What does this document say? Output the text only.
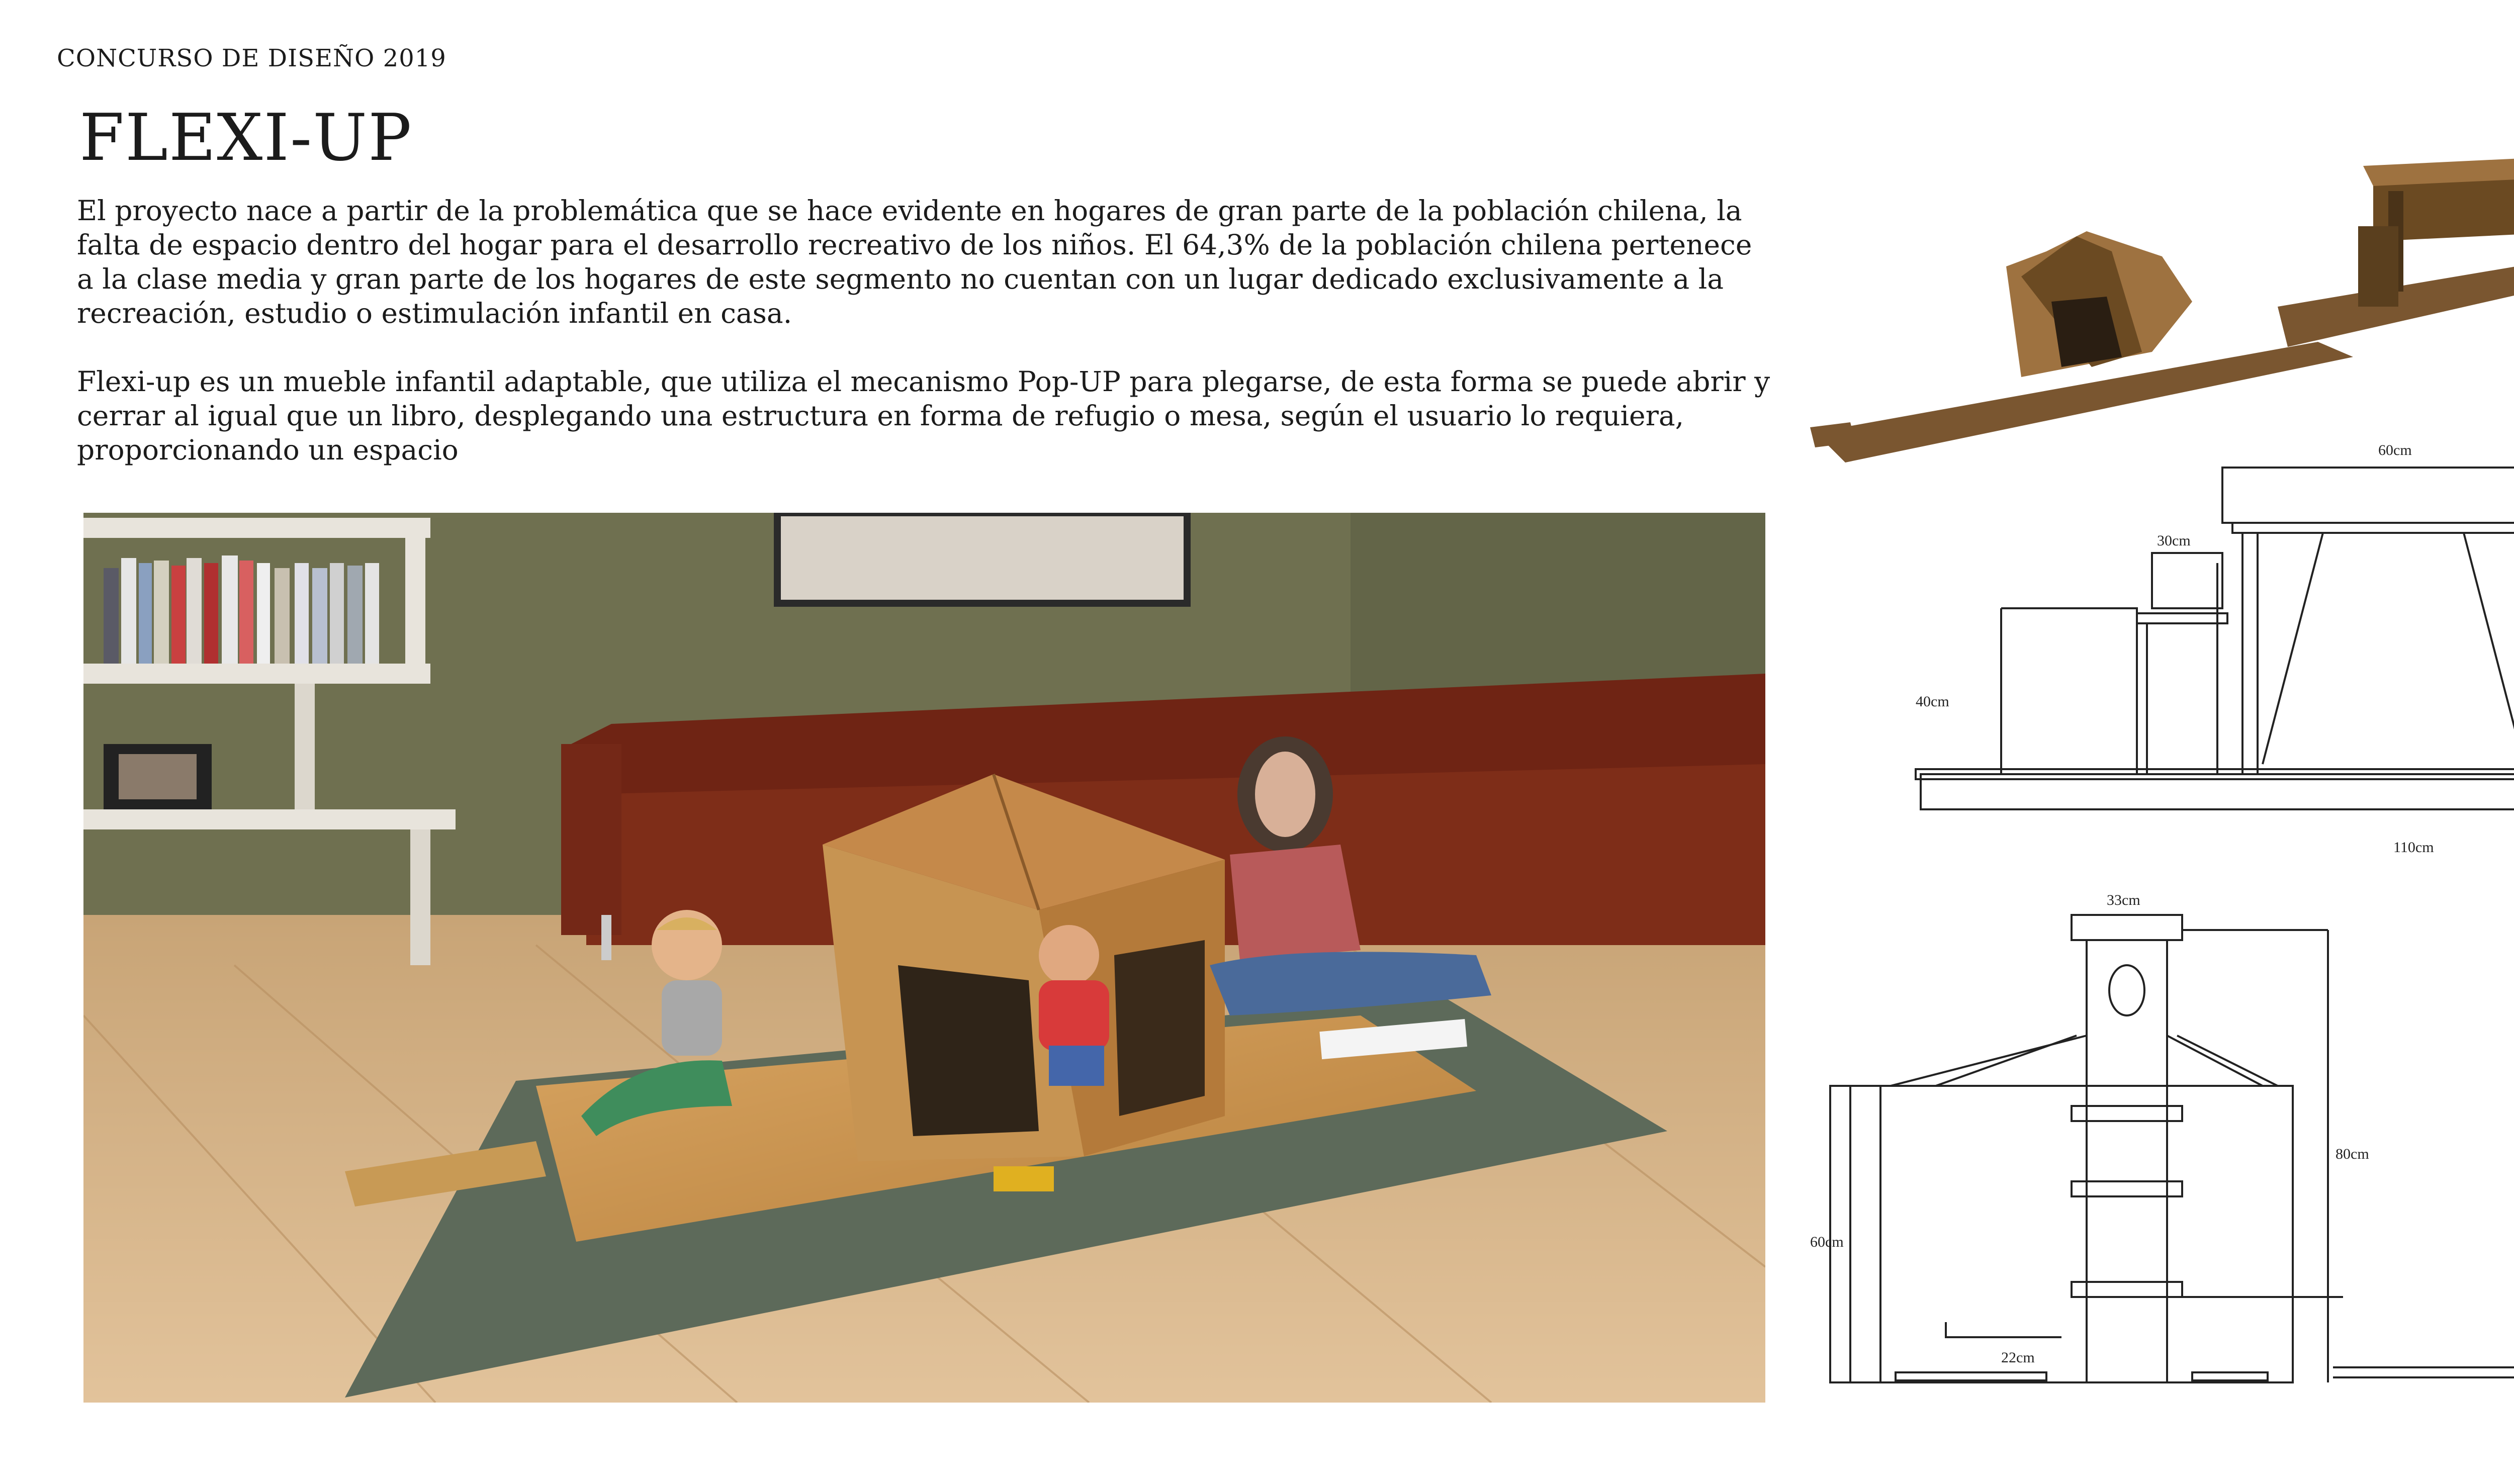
CONCURSO DE DISEÑO 2019
FLEXI-UP

El proyecto nace a partir de la problemática que se hace evidente en hogares de gran parte de la población chilena, la falta de espacio dentro del hogar para el desarrollo recreativo de los niños. El 64,3% de la población chilena pertenece a la clase media y gran parte de los hogares de este segmento no cuentan con un lugar dedicado exclusivamente a la recreación, estudio o estimulación infantil en casa.

Flexi-up es un mueble infantil adaptable, que utiliza el mecanismo Pop-UP para plegarse, de esta forma se puede abrir y cerrar al igual que un libro, desplegando una estructura en forma de refugio o mesa, según el usuario lo requiera, proporcionando un espacio	60cm
30cm
40cm
110cm
33cm
80cm
60cm
22cm
